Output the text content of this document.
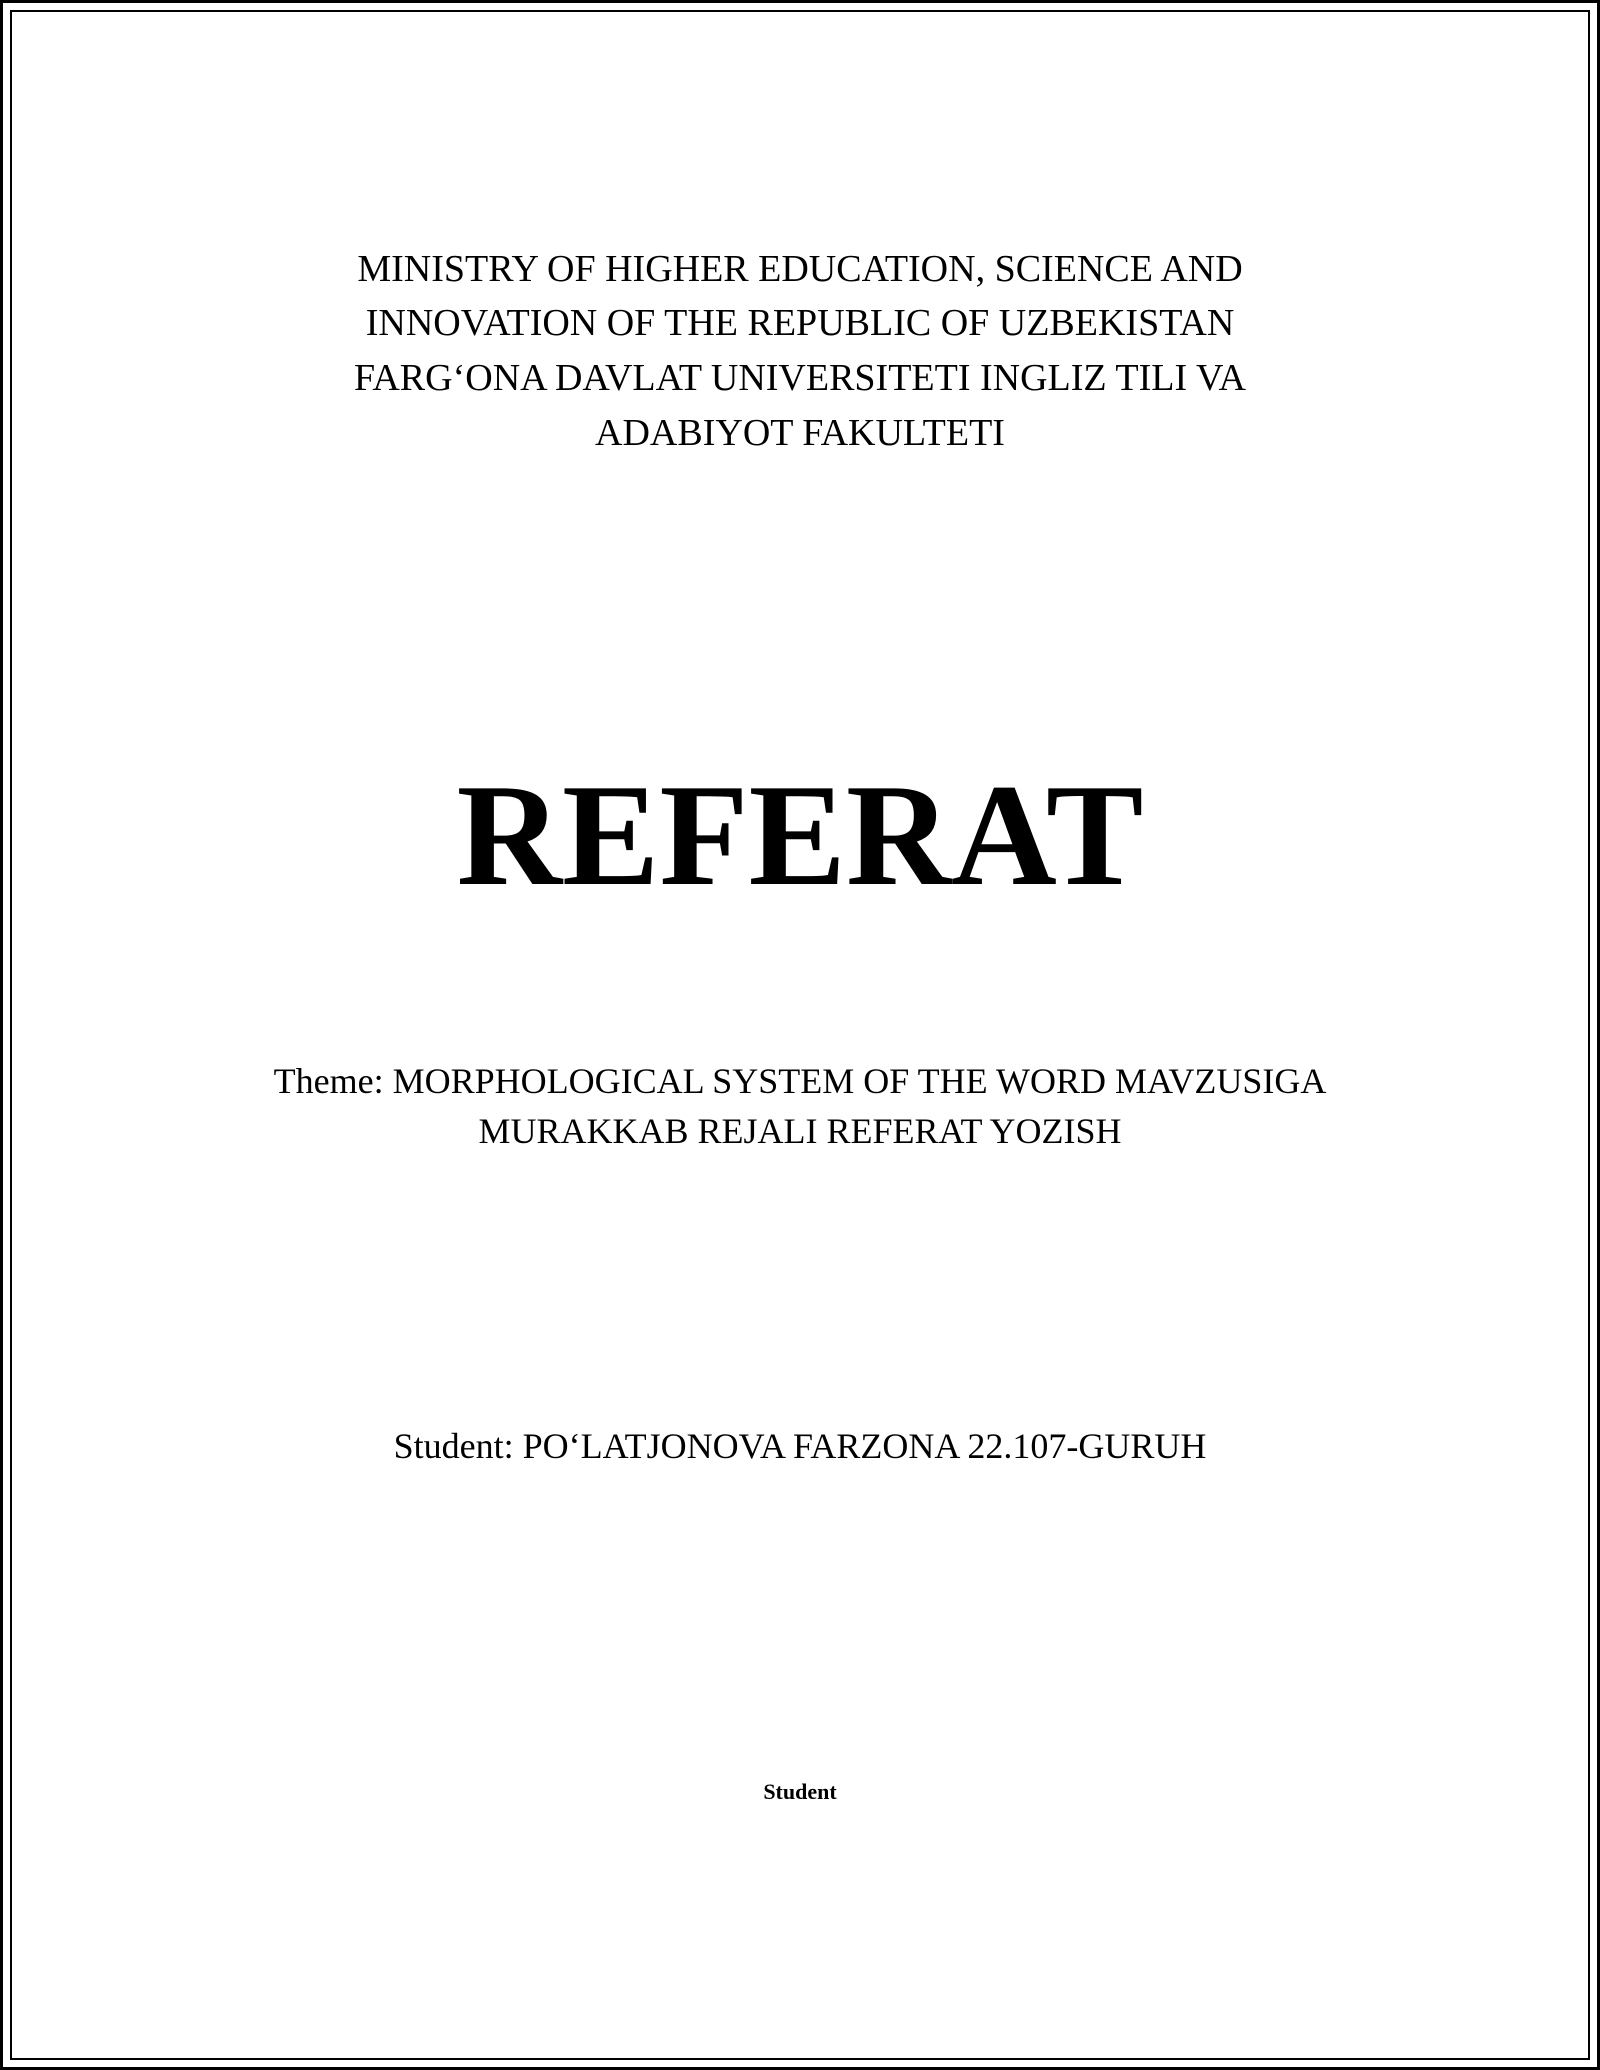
MINISTRY OF HIGHER EDUCATION, SCIENCE AND
INNOVATION OF THE REPUBLIC OF UZBEKISTAN
FARG‘ONA DAVLAT UNIVERSITETI INGLIZ TILI VA
ADABIYOT FAKULTETI
REFERAT
Theme: MORPHOLOGICAL SYSTEM OF THE WORD MAVZUSIGA
MURAKKAB REJALI REFERAT YOZISH
Student: PO‘LATJONOVA FARZONA 22.107-GURUH
Student
